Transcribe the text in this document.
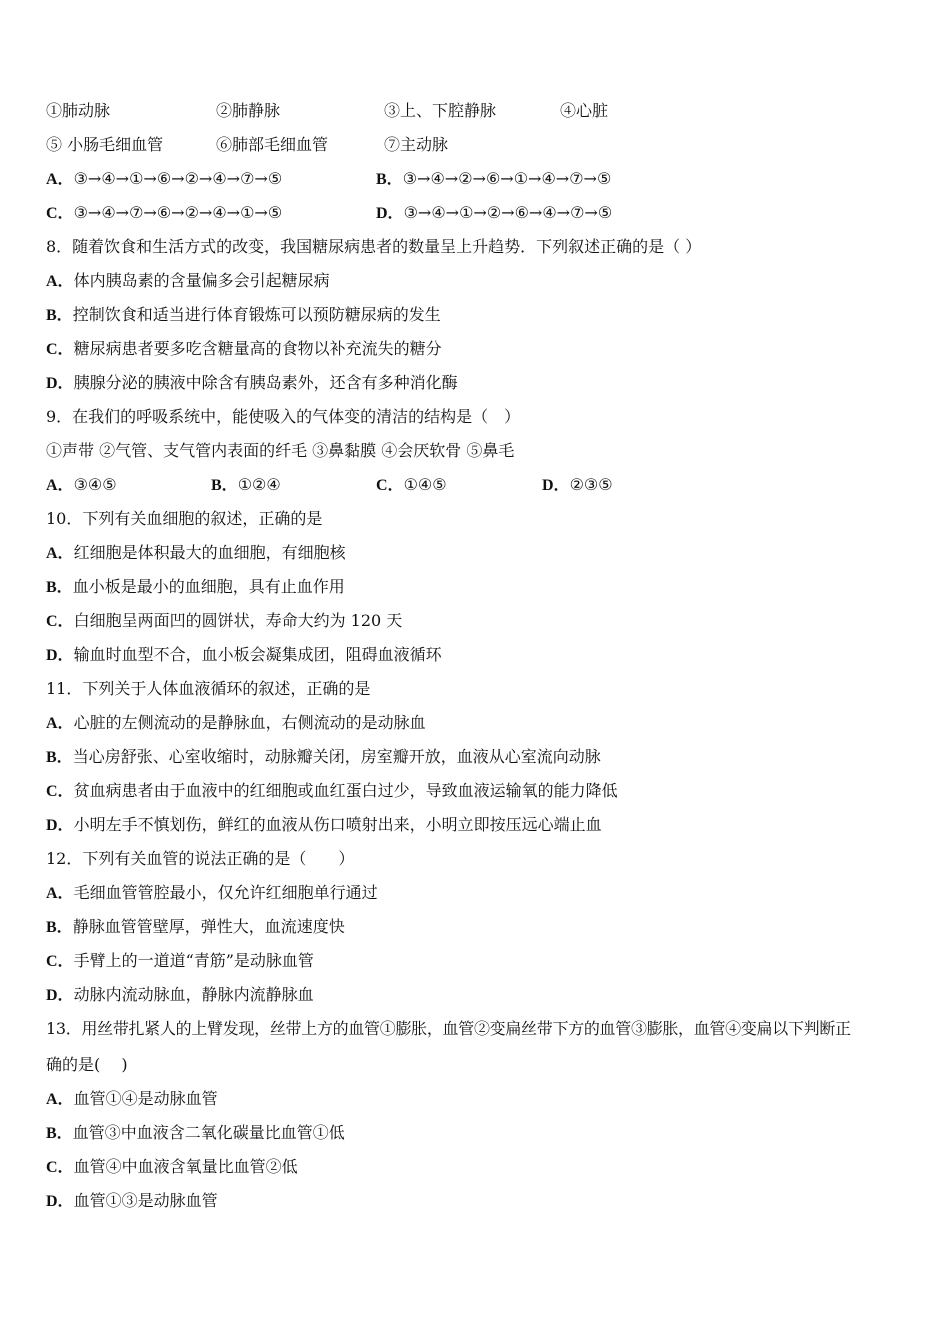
①肺动脉	②肺静脉	③上、下腔静脉	④心脏
⑤ 小肠毛细血管	⑥肺部毛细血管	⑦主动脉
A．③→④→①→⑥→②→④→⑦→⑤	B．③→④→②→⑥→①→④→⑦→⑤
C．③→④→⑦→⑥→②→④→①→⑤	D．③→④→①→②→⑥→④→⑦→⑤
8．随着饮食和生活方式的改变，我国糖尿病患者的数量呈上升趋势．下列叙述正确的是（ ）
A．体内胰岛素的含量偏多会引起糖尿病
B．控制饮食和适当进行体育锻炼可以预防糖尿病的发生
C．糖尿病患者要多吃含糖量高的食物以补充流失的糖分
D．胰腺分泌的胰液中除含有胰岛素外，还含有多种消化酶
9．在我们的呼吸系统中，能使吸入的气体变的清洁的结构是（　）
①声带 ②气管、支气管内表面的纤毛 ③鼻黏膜 ④会厌软骨 ⑤鼻毛
A．③④⑤	B．①②④	C．①④⑤	D．②③⑤
10．下列有关血细胞的叙述，正确的是
A．红细胞是体积最大的血细胞，有细胞核
B．血小板是最小的血细胞，具有止血作用
C．白细胞呈两面凹的圆饼状，寿命大约为 120 天
D．输血时血型不合，血小板会凝集成团，阻碍血液循环
11．下列关于人体血液循环的叙述，正确的是
A．心脏的左侧流动的是静脉血，右侧流动的是动脉血
B．当心房舒张、心室收缩时，动脉瓣关闭，房室瓣开放，血液从心室流向动脉
C．贫血病患者由于血液中的红细胞或血红蛋白过少，导致血液运输氧的能力降低
D．小明左手不慎划伤，鲜红的血液从伤口喷射出来，小明立即按压远心端止血
12．下列有关血管的说法正确的是（　　）
A．毛细血管管腔最小，仅允许红细胞单行通过
B．静脉血管管壁厚，弹性大，血流速度快
C．手臂上的一道道“青筋”是动脉血管
D．动脉内流动脉血，静脉内流静脉血
13．用丝带扎紧人的上臂发现，丝带上方的血管①膨胀，血管②变扁丝带下方的血管③膨胀，血管④变扁以下判断正
确的是(　 )
A．血管①④是动脉血管
B．血管③中血液含二氧化碳量比血管①低
C．血管④中血液含氧量比血管②低
D．血管①③是动脉血管
